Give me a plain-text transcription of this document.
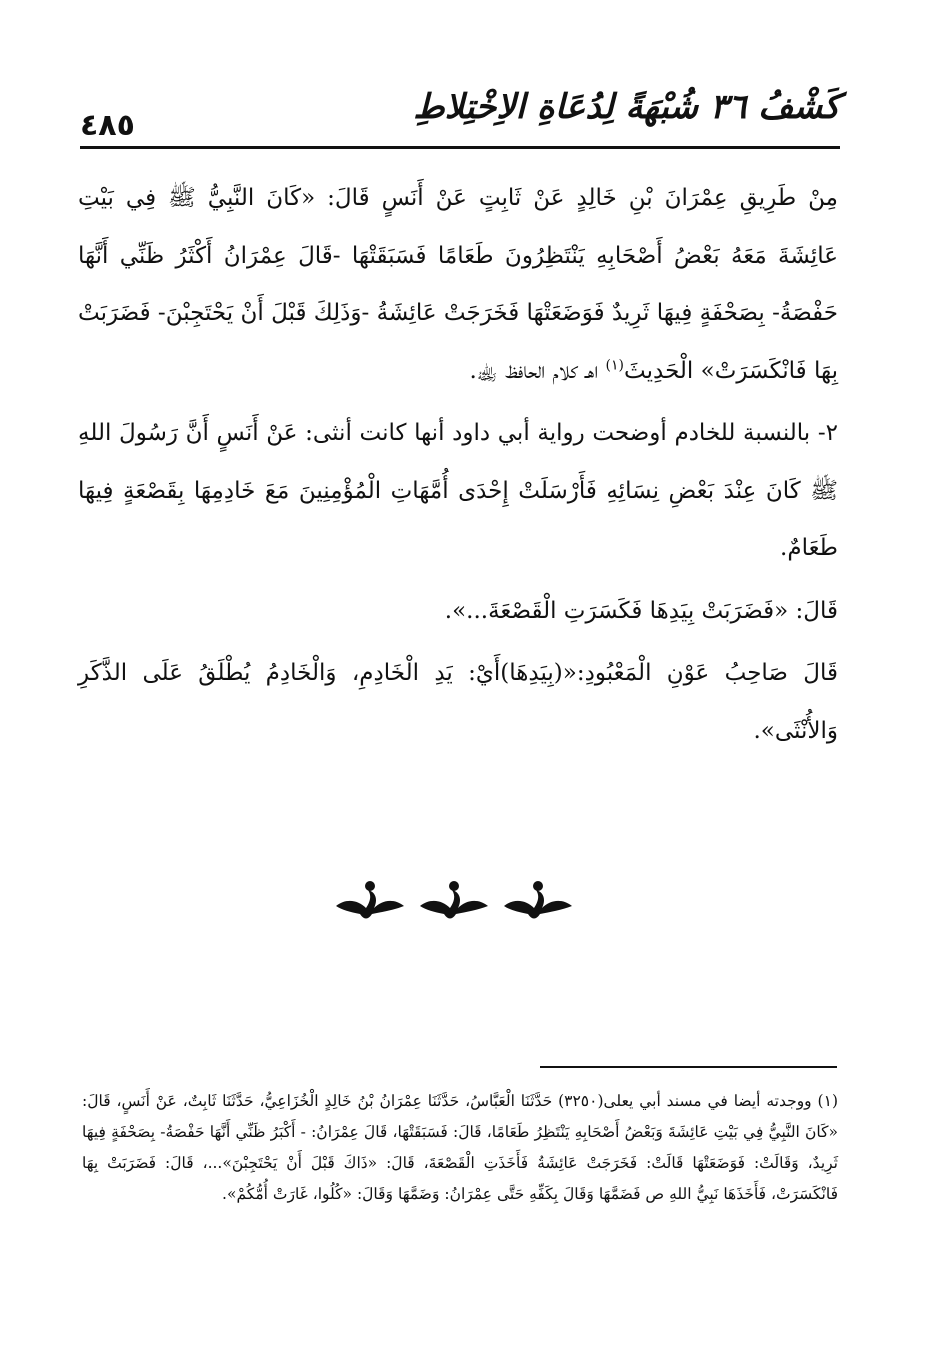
٤٨٥	كَشْفُ ٣٦ شُبْهَةً لِدُعَاةِ الاِخْتِلاطِ

مِنْ طَرِيقِ عِمْرَانَ بْنِ خَالِدٍ عَنْ ثَابِتٍ عَنْ أَنَسٍ قَالَ: «كَانَ النَّبِيُّ ﷺ فِي بَيْتِ عَائِشَةَ مَعَهُ بَعْضُ أَصْحَابِهِ يَنْتَظِرُونَ طَعَامًا فَسَبَقَتْهَا -قَالَ عِمْرَانُ أَكْثَرُ ظَنِّي أَنَّهَا حَفْصَةُ- بِصَحْفَةٍ فِيهَا ثَرِيدٌ فَوَضَعَتْهَا فَخَرَجَتْ عَائِشَةُ -وَذَلِكَ قَبْلَ أَنْ يَحْتَجِبْنَ- فَضَرَبَتْ بِهَا فَانْكَسَرَتْ» الْحَدِيثَ$^{(١)}$ اهـ كلام الحافظ ﵀.

٢- بالنسبة للخادم أوضحت رواية أبي داود أنها كانت أنثى: عَنْ أَنَسٍ أَنَّ رَسُولَ اللهِ ﷺ كَانَ عِنْدَ بَعْضِ نِسَائِهِ فَأَرْسَلَتْ إِحْدَى أُمَّهَاتِ الْمُؤْمِنِينَ مَعَ خَادِمِهَا بِقَصْعَةٍ فِيهَا طَعَامٌ.

قَالَ: «فَضَرَبَتْ بِيَدِهَا فَكَسَرَتِ الْقَصْعَةَ...».

قَالَ صَاحِبُ عَوْنِ الْمَعْبُودِ:«(بِيَدِهَا)أَيْ: يَدِ الْخَادِمِ، وَالْخَادِمُ يُطْلَقُ عَلَى الذَّكَرِ وَالأُنْثَى».

(١) ووجدته أيضا في مسند أبي يعلى(٣٢٥٠) حَدَّثَنَا الْعَبَّاسُ، حَدَّثَنَا عِمْرَانُ بْنُ خَالِدٍ الْخُزَاعِيُّ، حَدَّثَنَا ثَابِتٌ، عَنْ أَنَسٍ، قَالَ: «كَانَ النَّبِيُّ فِي بَيْتِ عَائِشَةَ وَبَعْضُ أَصْحَابِهِ يَنْتَظِرُ طَعَامًا، قَالَ: فَسَبَقَتْهَا، قَالَ عِمْرَانُ: - أَكْبَرُ ظَنِّي أَنَّهَا حَفْصَةُ- بِصَحْفَةٍ فِيهَا ثَرِيدٌ، وَقَالَتْ: فَوَضَعَتْهَا قَالَتْ: فَخَرَجَتْ عَائِشَةُ فَأَخَذَتِ الْقَصْعَةَ، قَالَ: «ذَاكَ قَبْلَ أَنْ يَحْتَجِبْنَ»...، قَالَ: فَضَرَبَتْ بِهَا فَانْكَسَرَتْ، فَأَخَذَهَا نَبِيُّ اللهِ ص فَضَمَّهَا وَقَالَ بِكَفِّهِ حَتَّى عِمْرَانُ: وَضَمَّهَا وَقَالَ: «كُلُوا، غَارَتْ أُمُّكُمْ».
